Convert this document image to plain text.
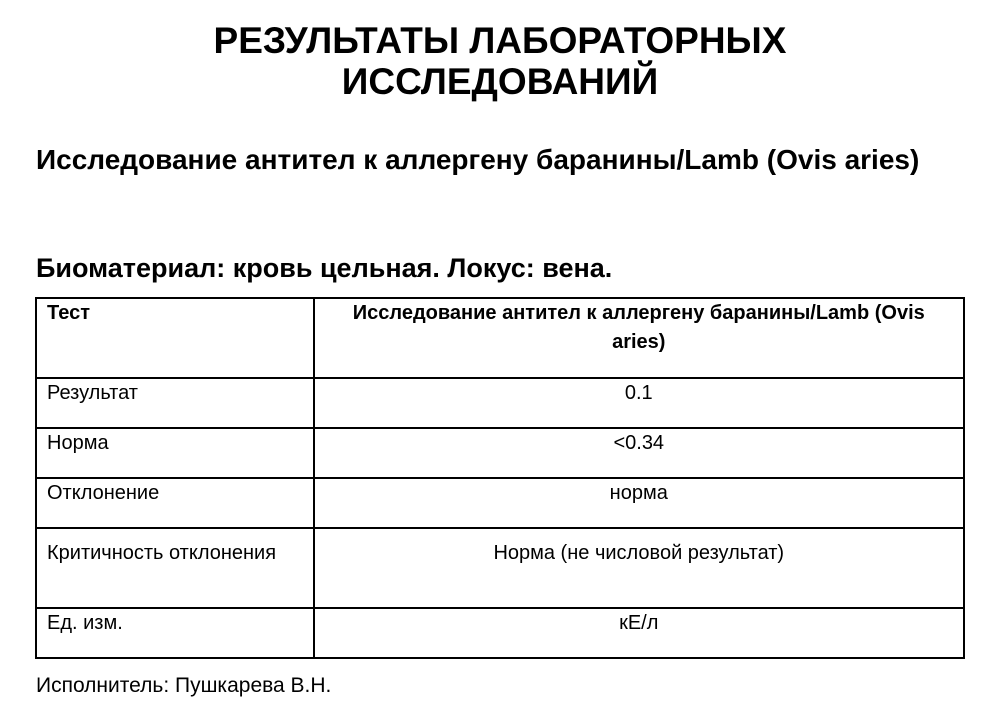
РЕЗУЛЬТАТЫ ЛАБОРАТОРНЫХ
ИССЛЕДОВАНИЙ
Исследование антител к аллергену баранины/Lamb (Ovis aries)
Биоматериал: кровь цельная. Локус: вена.
Тест	Исследование антител к аллергену баранины/Lamb (Ovis aries)
Результат	0.1
Норма	<0.34
Отклонение	норма
Критичность отклонения	Норма (не числовой результат)
Ед. изм.	кЕ/л

Исполнитель: Пушкарева В.Н.
